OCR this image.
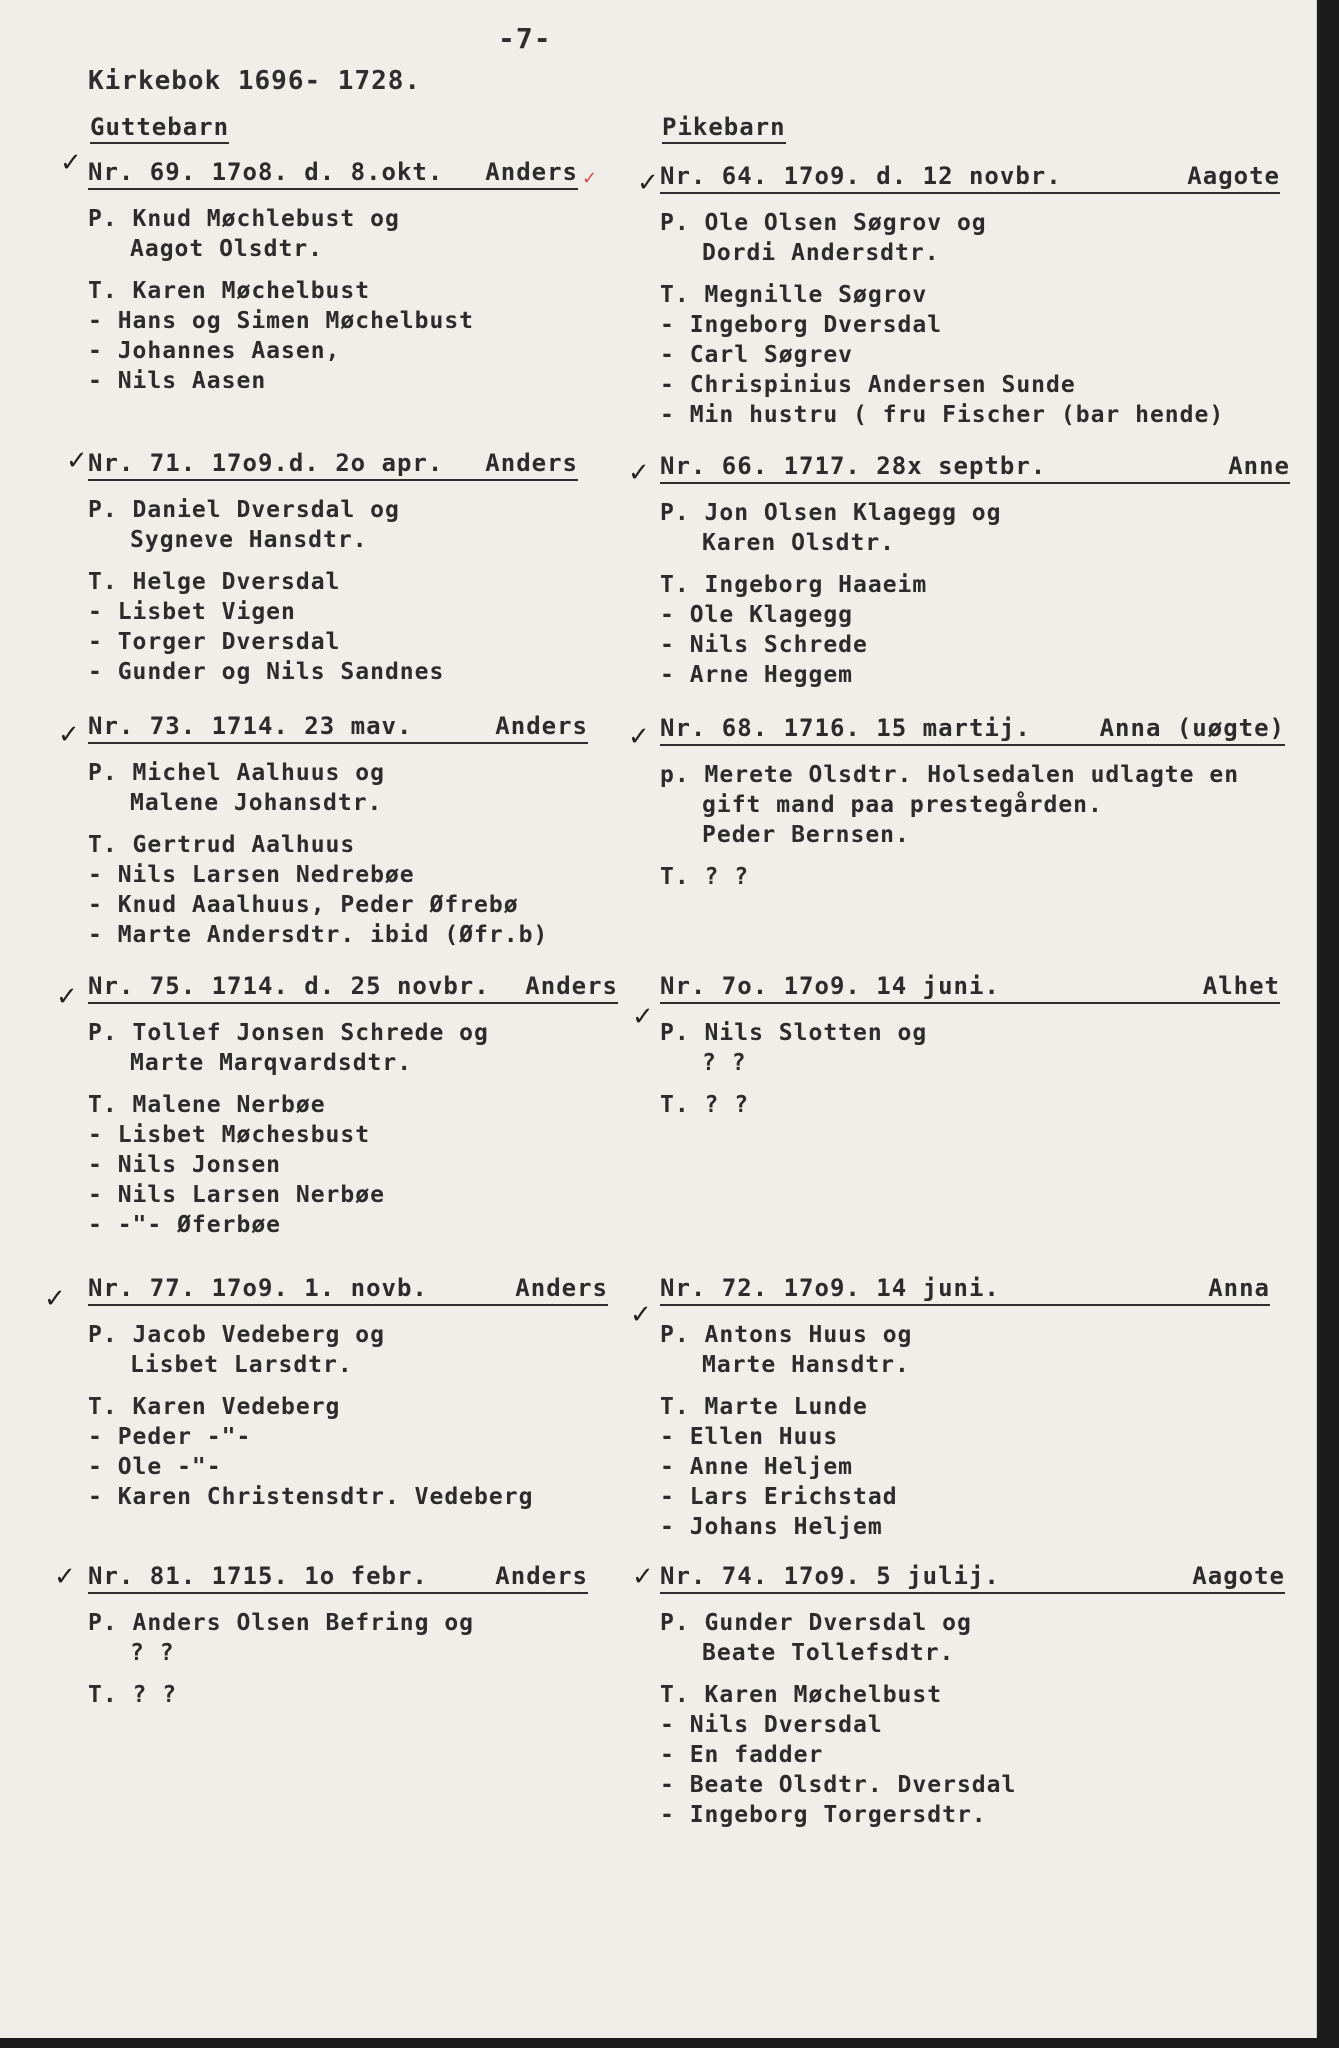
-7-
Kirkebok 1696- 1728.
Guttebarn	Pikebarn
Nr. 69. 17o8. d. 8.okt. Anders
P. Knud Møchlebust og
Aagot Olsdtr.
T. Karen Møchelbust
- Hans og Simen Møchelbust
- Johannes Aasen,
- Nils Aasen
Nr. 71. 17o9.d. 2o apr. Anders
P. Daniel Dversdal og
Sygneve Hansdtr.
T. Helge Dversdal
- Lisbet Vigen
- Torger Dversdal
- Gunder og Nils Sandnes
Nr. 73. 1714. 23 mav.	Anders
P. Michel Aalhuus og
Malene Johansdtr.
T. Gertrud Aalhuus
- Nils Larsen Nedrebøe
- Knud Aaalhuus, Peder Øfrebø
- Marte Andersdtr. ibid (Øfr.b)
Nr. 75. 1714. d. 25 novbr. Anders
P. Tollef Jonsen Schrede og
Marte Marqvardsdtr.
T. Malene Nerbøe
- Lisbet Møchesbust
- Nils Jonsen
- Nils Larsen Nerbøe
- -"- Øferbøe
Nr. 77. 17o9. 1. novb.	Anders
P. Jacob Vedeberg og
Lisbet Larsdtr.
T. Karen Vedeberg
- Peder -"-
- Ole -"-
- Karen Christensdtr. Vedeberg
Nr. 81. 1715. 1o febr.	Anders
P. Anders Olsen Befring og
? ?
T. ? ?
Nr. 64. 17o9. d. 12 novbr.	Aagote
P. Ole Olsen Søgrov og
Dordi Andersdtr.
T. Megnille Søgrov
- Ingeborg Dversdal
- Carl Søgrev
- Chrispinius Andersen Sunde
- Min hustru ( fru Fischer (bar hende)
Nr. 66. 1717. 28x septbr.	Anne
P. Jon Olsen Klagegg og
Karen Olsdtr.
T. Ingeborg Haaeim
- Ole Klagegg
- Nils Schrede
- Arne Heggem
Nr. 68. 1716. 15 martij.	Anna (uøgte)
p. Merete Olsdtr. Holsedalen udlagte en
gift mand paa prestegården.
Peder Bernsen.
T. ? ?
Nr. 7o. 17o9. 14 juni.	Alhet
P. Nils Slotten og
? ?
T. ? ?
Nr. 72. 17o9. 14 juni.	Anna
P. Antons Huus og
Marte Hansdtr.
T. Marte Lunde
- Ellen Huus
- Anne Heljem
- Lars Erichstad
- Johans Heljem
Nr. 74. 17o9. 5 julij.	Aagote
P. Gunder Dversdal og
Beate Tollefsdtr.
T. Karen Møchelbust
- Nils Dversdal
- En fadder
- Beate Olsdtr. Dversdal
- Ingeborg Torgersdtr.
✓
✓ ✓
✓	✓
✓	✓
✓
✓
✓
✓
✓	✓
